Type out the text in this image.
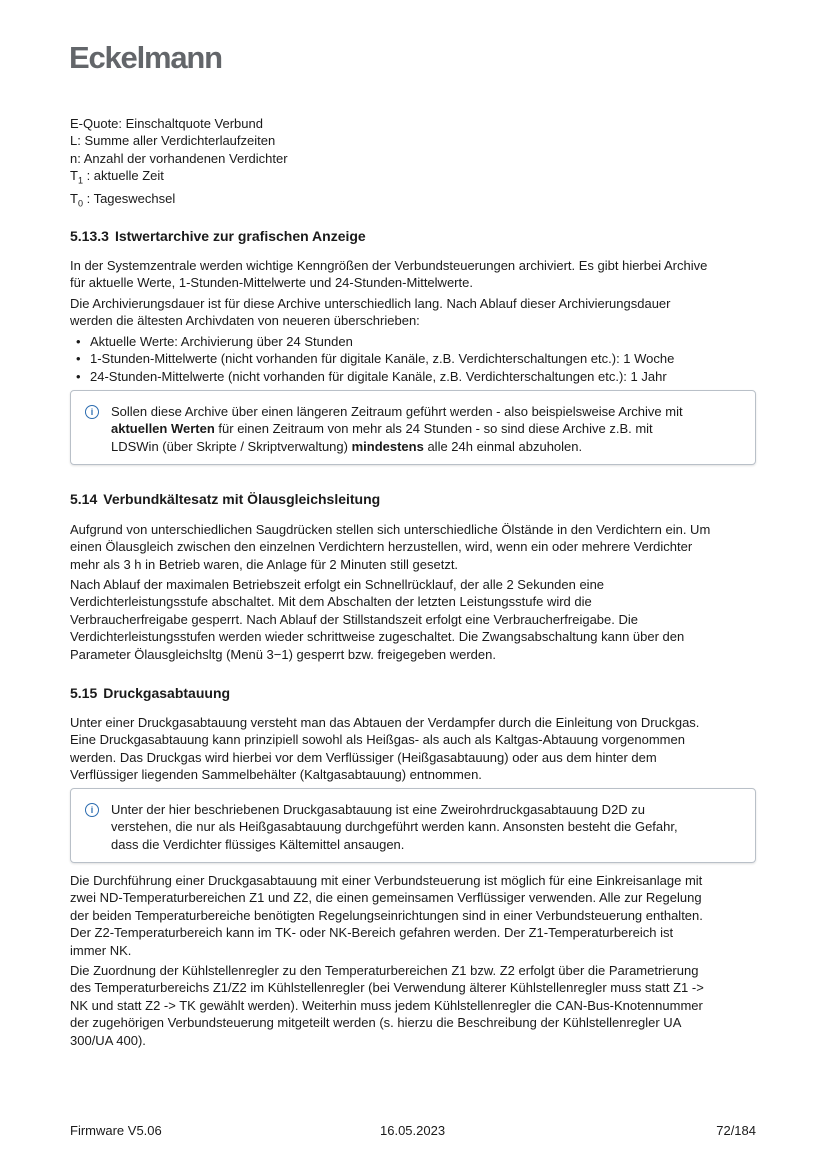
Eckelmann
E-Quote: Einschaltquote Verbund
L: Summe aller Verdichterlaufzeiten
n: Anzahl der vorhandenen Verdichter
$T_1$ : aktuelle Zeit
$T_0$ : Tageswechsel
5.13.3 Istwertarchive zur grafischen Anzeige
In der Systemzentrale werden wichtige Kenngrößen der Verbundsteuerungen archiviert. Es gibt hierbei Archive
für aktuelle Werte, 1-Stunden-Mittelwerte und 24-Stunden-Mittelwerte.
Die Archivierungsdauer ist für diese Archive unterschiedlich lang. Nach Ablauf dieser Archivierungsdauer
werden die ältesten Archivdaten von neueren überschrieben:
• Aktuelle Werte: Archivierung über 24 Stunden
• 1-Stunden-Mittelwerte (nicht vorhanden für digitale Kanäle, z.B. Verdichterschaltungen etc.): 1 Woche
• 24-Stunden-Mittelwerte (nicht vorhanden für digitale Kanäle, z.B. Verdichterschaltungen etc.): 1 Jahr
i	Sollen diese Archive über einen längeren Zeitraum geführt werden - also beispielsweise Archive mit
aktuellen Werten für einen Zeitraum von mehr als 24 Stunden - so sind diese Archive z.B. mit
LDSWin (über Skripte / Skriptverwaltung) mindestens alle 24h einmal abzuholen.
5.14 Verbundkältesatz mit Ölausgleichsleitung
Aufgrund von unterschiedlichen Saugdrücken stellen sich unterschiedliche Ölstände in den Verdichtern ein. Um
einen Ölausgleich zwischen den einzelnen Verdichtern herzustellen, wird, wenn ein oder mehrere Verdichter
mehr als 3 h in Betrieb waren, die Anlage für 2 Minuten still gesetzt.
Nach Ablauf der maximalen Betriebszeit erfolgt ein Schnellrücklauf, der alle 2 Sekunden eine
Verdichterleistungsstufe abschaltet. Mit dem Abschalten der letzten Leistungsstufe wird die
Verbraucherfreigabe gesperrt. Nach Ablauf der Stillstandszeit erfolgt eine Verbraucherfreigabe. Die
Verdichterleistungsstufen werden wieder schrittweise zugeschaltet. Die Zwangsabschaltung kann über den
Parameter Ölausgleichsltg (Menü 3−1) gesperrt bzw. freigegeben werden.
5.15 Druckgasabtauung
Unter einer Druckgasabtauung versteht man das Abtauen der Verdampfer durch die Einleitung von Druckgas.
Eine Druckgasabtauung kann prinzipiell sowohl als Heißgas- als auch als Kaltgas-Abtauung vorgenommen
werden. Das Druckgas wird hierbei vor dem Verflüssiger (Heißgasabtauung) oder aus dem hinter dem
Verflüssiger liegenden Sammelbehälter (Kaltgasabtauung) entnommen.
i	Unter der hier beschriebenen Druckgasabtauung ist eine Zweirohrdruckgasabtauung D2D zu
verstehen, die nur als Heißgasabtauung durchgeführt werden kann. Ansonsten besteht die Gefahr,
dass die Verdichter flüssiges Kältemittel ansaugen.
Die Durchführung einer Druckgasabtauung mit einer Verbundsteuerung ist möglich für eine Einkreisanlage mit
zwei ND-Temperaturbereichen Z1 und Z2, die einen gemeinsamen Verflüssiger verwenden. Alle zur Regelung
der beiden Temperaturbereiche benötigten Regelungseinrichtungen sind in einer Verbundsteuerung enthalten.
Der Z2-Temperaturbereich kann im TK- oder NK-Bereich gefahren werden. Der Z1-Temperaturbereich ist
immer NK.
Die Zuordnung der Kühlstellenregler zu den Temperaturbereichen Z1 bzw. Z2 erfolgt über die Parametrierung
des Temperaturbereichs Z1/Z2 im Kühlstellenregler (bei Verwendung älterer Kühlstellenregler muss statt Z1 ->
NK und statt Z2 -> TK gewählt werden). Weiterhin muss jedem Kühlstellenregler die CAN-Bus-Knotennummer
der zugehörigen Verbundsteuerung mitgeteilt werden (s. hierzu die Beschreibung der Kühlstellenregler UA
300/UA 400).
Firmware V5.06	16.05.2023	72/184
